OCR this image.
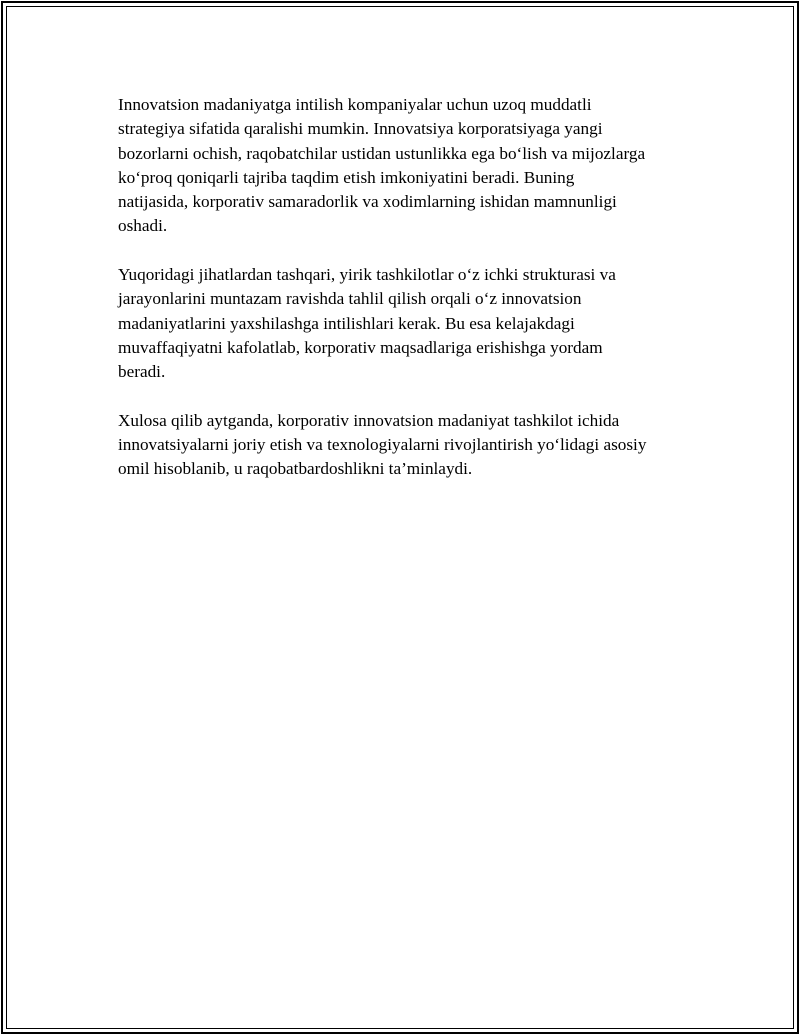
Innovatsion madaniyatga intilish kompaniyalar uchun uzoq muddatli
strategiya sifatida qaralishi mumkin. Innovatsiya korporatsiyaga yangi
bozorlarni ochish, raqobatchilar ustidan ustunlikka ega bo‘lish va mijozlarga
ko‘proq qoniqarli tajriba taqdim etish imkoniyatini beradi. Buning
natijasida, korporativ samaradorlik va xodimlarning ishidan mamnunligi
oshadi.

Yuqoridagi jihatlardan tashqari, yirik tashkilotlar o‘z ichki strukturasi va
jarayonlarini muntazam ravishda tahlil qilish orqali o‘z innovatsion
madaniyatlarini yaxshilashga intilishlari kerak. Bu esa kelajakdagi
muvaffaqiyatni kafolatlab, korporativ maqsadlariga erishishga yordam
beradi.

Xulosa qilib aytganda, korporativ innovatsion madaniyat tashkilot ichida
innovatsiyalarni joriy etish va texnologiyalarni rivojlantirish yo‘lidagi asosiy
omil hisoblanib, u raqobatbardoshlikni ta’minlaydi.
